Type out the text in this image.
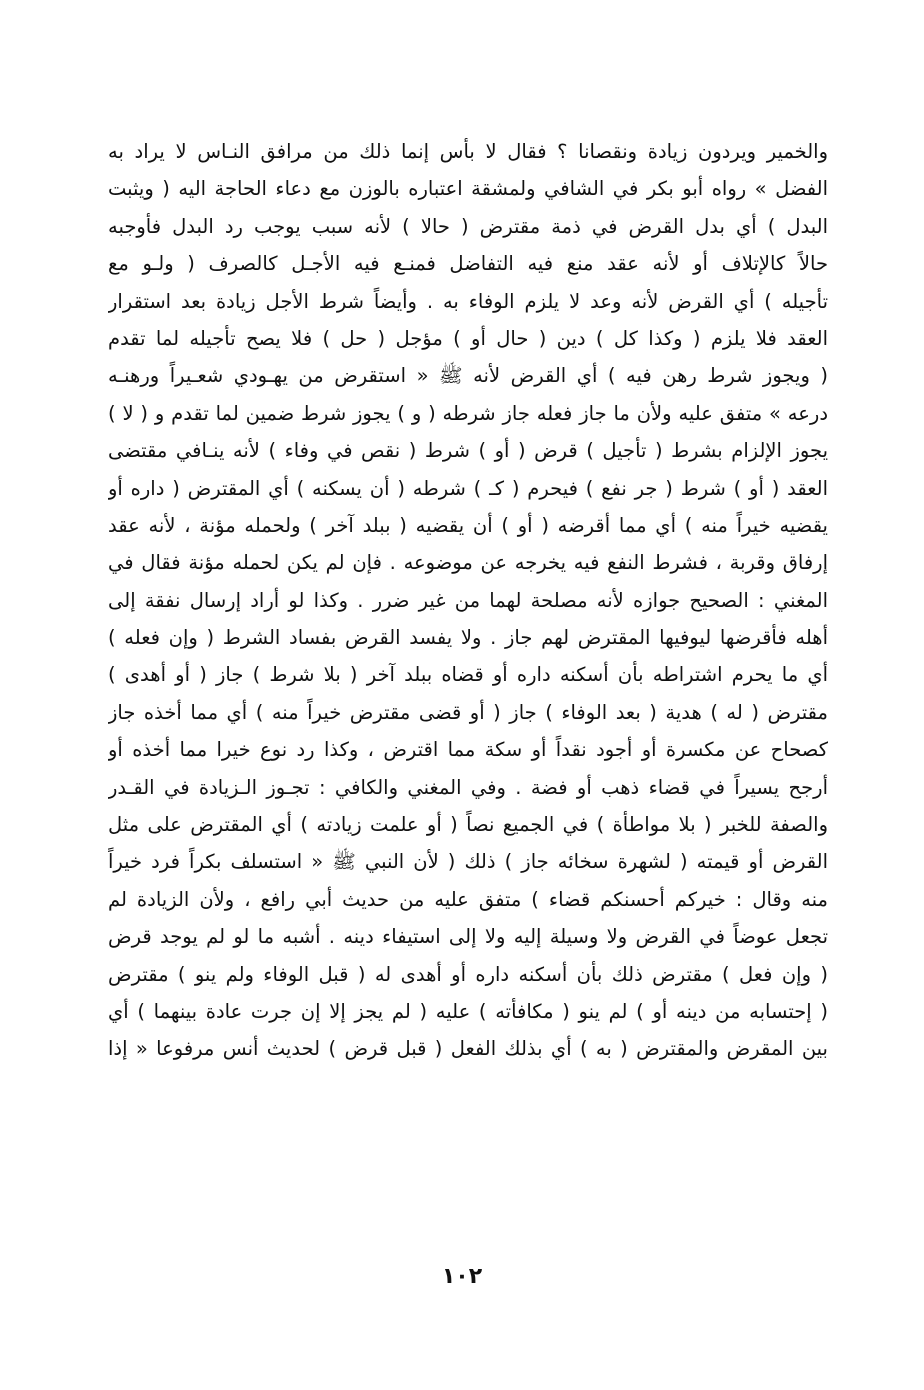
والخمير ويردون زيادة ونقصانا ؟ فقال لا بأس إنما ذلك من مرافق النـاس لا يراد به
الفضل » رواه أبو بكر في الشافي ولمشقة اعتباره بالوزن مع دعاء الحاجة اليه ( ويثبت
البدل ) أي بدل القرض في ذمة مقترض ( حالا ) لأنه سبب يوجب رد البدل فأوجبه
حالاً كالإتلاف أو لأنه عقد منع فيه التفاضل فمنـع فيه الأجـل كالصرف ( ولـو مع
تأجيله ) أي القرض لأنه وعد لا يلزم الوفاء به . وأيضاً شرط الأجل زيادة بعد استقرار
العقد فلا يلزم ( وكذا كل ) دين ( حال أو ) مؤجل ( حل ) فلا يصح تأجيله لما تقدم
( ويجوز شرط رهن فيه ) أي القرض لأنه ﷺ « استقرض من يهـودي شعـيراً ورهنـه
درعه » متفق عليه ولأن ما جاز فعله جاز شرطه ( و ) يجوز شرط ضمين لما تقدم و ( لا )
يجوز الإلزام بشرط ( تأجيل ) قرض ( أو ) شرط ( نقص في وفاء ) لأنه ينـافي مقتضى
العقد ( أو ) شرط ( جر نفع ) فيحرم ( كـ ) شرطه ( أن يسكنه ) أي المقترض ( داره أو
يقضيه خيراً منه ) أي مما أقرضه ( أو ) أن يقضيه ( ببلد آخر ) ولحمله مؤنة ، لأنه عقد
إرفاق وقربة ، فشرط النفع فيه يخرجه عن موضوعه . فإن لم يكن لحمله مؤنة فقال في
المغني : الصحيح جوازه لأنه مصلحة لهما من غير ضرر . وكذا لو أراد إرسال نفقة إلى
أهله فأقرضها ليوفيها المقترض لهم جاز . ولا يفسد القرض بفساد الشرط ( وإن فعله )
أي ما يحرم اشتراطه بأن أسكنه داره أو قضاه ببلد آخر ( بلا شرط ) جاز ( أو أهدى )
مقترض ( له ) هدية ( بعد الوفاء ) جاز ( أو قضى مقترض خيراً منه ) أي مما أخذه جاز
كصحاح عن مكسرة أو أجود نقداً أو سكة مما اقترض ، وكذا رد نوع خيرا مما أخذه أو
أرجح يسيراً في قضاء ذهب أو فضة . وفي المغني والكافي : تجـوز الـزيادة في القـدر
والصفة للخبر ( بلا مواطأة ) في الجميع نصاً ( أو علمت زيادته ) أي المقترض على مثل
القرض أو قيمته ( لشهرة سخائه جاز ) ذلك ( لأن النبي ﷺ « استسلف بكراً فرد خيراً
منه وقال : خيركم أحسنكم قضاء ) متفق عليه من حديث أبي رافع ، ولأن الزيادة لم
تجعل عوضاً في القرض ولا وسيلة إليه ولا إلى استيفاء دينه . أشبه ما لو لم يوجد قرض
( وإن فعل ) مقترض ذلك بأن أسكنه داره أو أهدى له ( قبل الوفاء ولم ينو ) مقترض
( إحتسابه من دينه أو ) لم ينو ( مكافأته ) عليه ( لم يجز إلا إن جرت عادة بينهما ) أي
بين المقرض والمقترض ( به ) أي بذلك الفعل ( قبل قرض ) لحديث أنس مرفوعا « إذا
١٠٢
